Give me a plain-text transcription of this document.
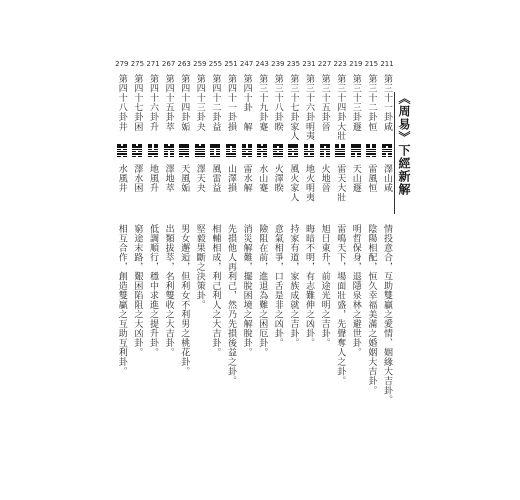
《周易》下經新解
211
第三十一卦
咸
澤山咸
情投意合，互助雙贏之愛情、姻緣大吉卦。
215
第三十二卦
恒
雷風恒
陰陽相配，恒久幸福美滿之婚姻大吉卦。
219
第三十三卦
遯
天山遯
明哲保身，退隱泉林之避世卦。
223
第三十四卦
大壯
雷天大壯
雷鳴天下，場面壯盛，先聲奪人之卦。
227
第三十五卦
晉
火地晉
旭日東升，前途光明之吉卦。
231
第三十六卦
明夷
地火明夷
晦暗不明，有志難伸之凶卦。
235
第三十七卦
家人
風火家人
持家有道，家族成就之吉卦。
239
第三十八卦
睽
火澤睽
意氣相爭，口舌是非之凶卦。
243
第三十九卦
蹇
水山蹇
險阻在前，進退為難之困厄卦。
247
第四十卦
解
雷水解
消災解難，擺脫困境之解脫卦。
251
第四十一卦
損
山澤損
先損他人再利己，然乃先損後益之卦。
255
第四十二卦
益
風雷益
相輔相成，利己利人之大吉卦。
259
第四十三卦
夬
澤天夬
堅毅果斷之決策卦。
263
第四十四卦
姤
天風姤
男女邂逅，但利女不利男之桃花卦。
267
第四十五卦
萃
澤地萃
出類拔萃，名利雙收之大吉卦。
271
第四十六卦
升
地風升
低調順行，穩中求進之提升卦。
275
第四十七卦
困
澤水困
窮途末路，艱困陷阻之大凶卦。
279
第四十八卦
井
水風井
相互合作，創造雙贏之互助互利卦。
